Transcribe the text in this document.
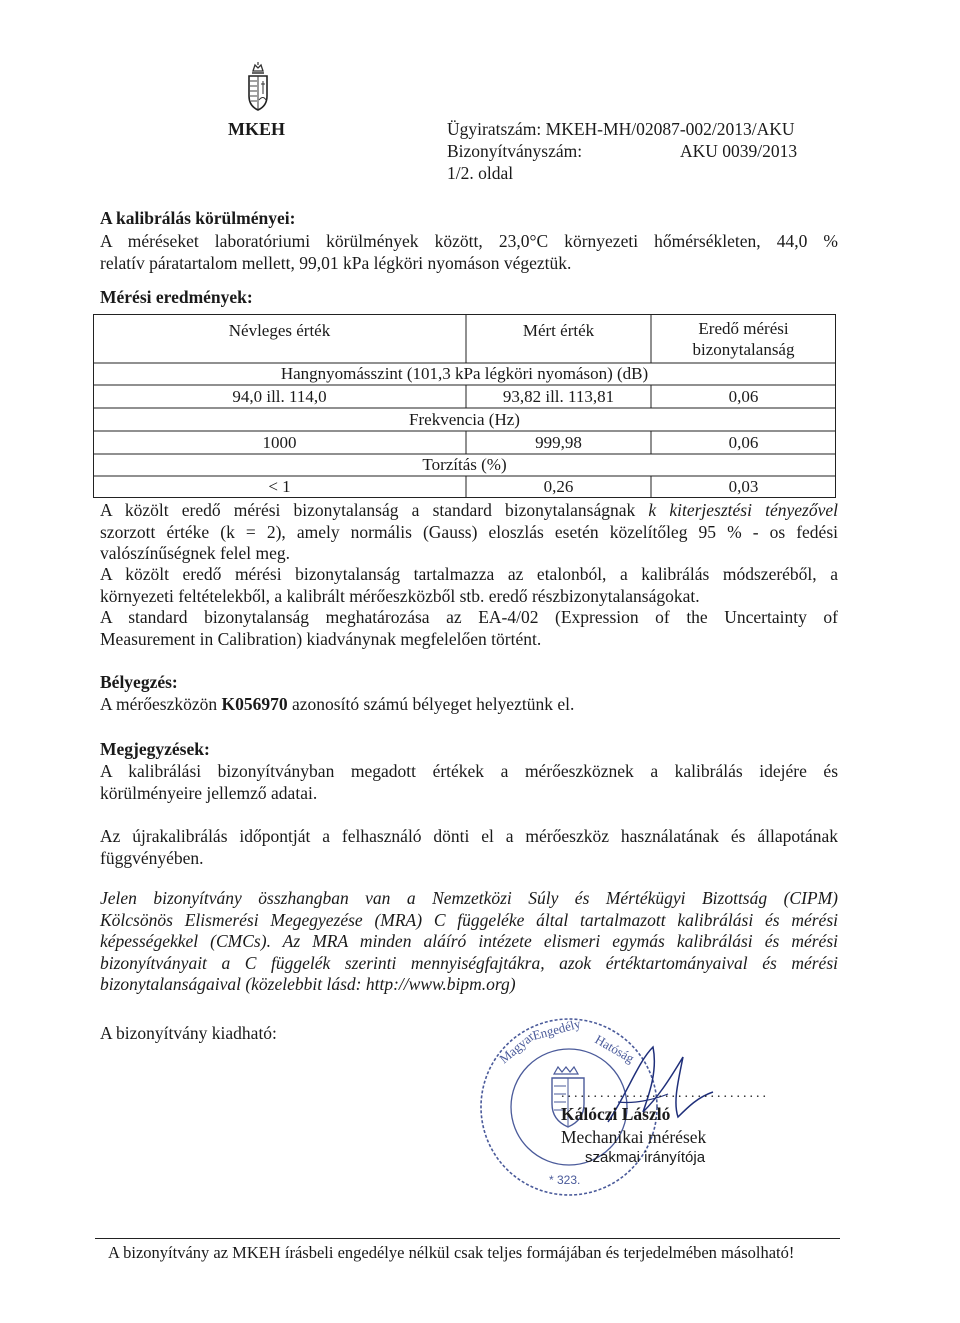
MKEH	Ügyiratszám: MKEH-MH/02087-002/2013/AKU
Bizonyítványszám:	AKU 0039/2013
1/2. oldal
A kalibrálás körülményei:
A méréseket laboratóriumi körülmények között, 23,0°C környezeti hőmérsékleten, 44,0 %
relatív páratartalom mellett, 99,01 kPa légköri nyomáson végeztük.
Mérési eredmények:
Névleges érték	Mért érték	Eredő mérési
bizonytalanság
Hangnyomásszint (101,3 kPa légköri nyomáson) (dB)
94,0 ill. 114,0	93,82 ill. 113,81	0,06
Frekvencia (Hz)
1000	999,98	0,06
Torzítás (%)
< 1	0,26	0,03
A közölt eredő mérési bizonytalanság a standard bizonytalanságnak k kiterjesztési tényezővel
szorzott értéke (k = 2), amely normális (Gauss) eloszlás esetén közelítőleg 95 % - os fedési
valószínűségnek felel meg.
A közölt eredő mérési bizonytalanság tartalmazza az etalonból, a kalibrálás módszeréből, a
környezeti feltételekből, a kalibrált mérőeszközből stb. eredő részbizonytalanságokat.
A standard bizonytalanság meghatározása az EA-4/02 (Expression of the Uncertainty of
Measurement in Calibration) kiadványnak megfelelően történt.
Bélyegzés:
A mérőeszközön K056970 azonosító számú bélyeget helyeztünk el.
Megjegyzések:
A kalibrálási bizonyítványban megadott értékek a mérőeszköznek a kalibrálás idejére és
körülményeire jellemző adatai.
Az újrakalibrálás időpontját a felhasználó dönti el a mérőeszköz használatának és állapotának
függvényében.
Jelen bizonyítvány összhangban van a Nemzetközi Súly és Mértékügyi Bizottság (CIPM)
Kölcsönös Elismerési Megegyezése (MRA) C függeléke által tartalmazott kalibrálási és mérési
képességekkel (CMCs). Az MRA minden aláíró intézete elismeri egymás kalibrálási és mérési
bizonyítványait a C függelék szerinti mennyiségfajtákra, azok értéktartományaival és mérési
bizonytalanságaival (közelebbit lásd: http://www.bipm.org)
A bizonyítvány kiadható:	Magyar
Engedély
Hatóság
* 323.
................................
Kálóczi László
Mechanikai mérések
szakmai irányítója
A bizonyítvány az MKEH írásbeli engedélye nélkül csak teljes formájában és terjedelmében másolható!
